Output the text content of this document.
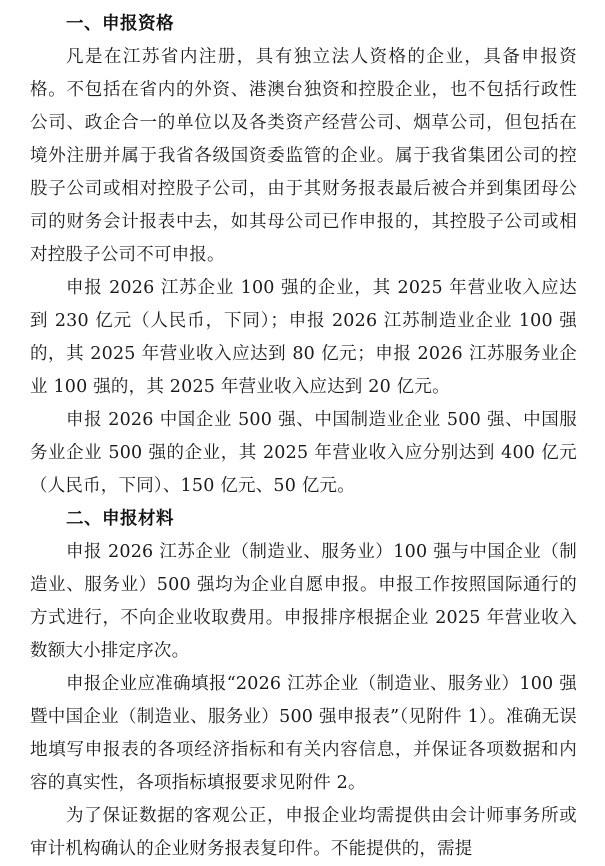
一、申报资格

凡是在江苏省内注册，具有独立法人资格的企业，具备申报资格。不包括在省内的外资、港澳台独资和控股企业，也不包括行政性公司、政企合一的单位以及各类资产经营公司、烟草公司，但包括在境外注册并属于我省各级国资委监管的企业。属于我省集团公司的控股子公司或相对控股子公司，由于其财务报表最后被合并到集团母公司的财务会计报表中去，如其母公司已作申报的，其控股子公司或相对控股子公司不可申报。

申报 2026 江苏企业 100 强的企业，其 2025 年营业收入应达到 230 亿元（人民币，下同）；申报 2026 江苏制造业企业 100 强的，其 2025 年营业收入应达到 80 亿元；申报 2026 江苏服务业企业 100 强的，其 2025 年营业收入应达到 20 亿元。

申报 2026 中国企业 500 强、中国制造业企业 500 强、中国服务业企业 500 强的企业，其 2025 年营业收入应分别达到 400 亿元（人民币，下同）、150 亿元、50 亿元。

二、申报材料

申报 2026 江苏企业（制造业、服务业）100 强与中国企业（制造业、服务业）500 强均为企业自愿申报。申报工作按照国际通行的方式进行，不向企业收取费用。申报排序根据企业 2025 年营业收入数额大小排定序次。

申报企业应准确填报“2026 江苏企业（制造业、服务业）100 强暨中国企业（制造业、服务业）500 强申报表”（见附件 1）。准确无误地填写申报表的各项经济指标和有关内容信息，并保证各项数据和内容的真实性，各项指标填报要求见附件 2。

为了保证数据的客观公正，申报企业均需提供由会计师事务所或审计机构确认的企业财务报表复印件。不能提供的，需提
